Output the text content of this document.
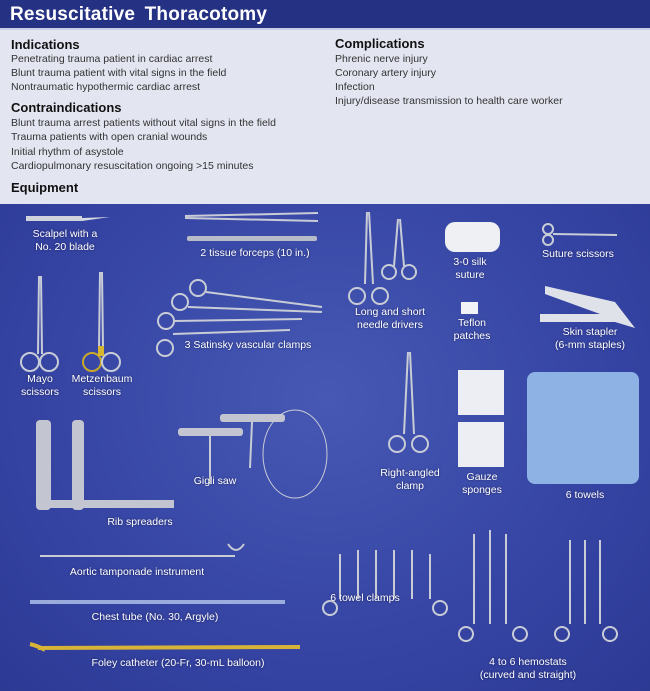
Resuscitative Thoracotomy
Indications
Penetrating trauma patient in cardiac arrest
Blunt trauma patient with vital signs in the field
Nontraumatic hypothermic cardiac arrest
Contraindications
Blunt trauma arrest patients without vital signs in the field
Trauma patients with open cranial wounds
Initial rhythm of asystole
Cardiopulmonary resuscitation ongoing >15 minutes
Equipment
Complications
Phrenic nerve injury
Coronary artery injury
Infection
Injury/disease transmission to health care worker
Scalpel with a
No. 20 blade	2 tissue forceps (10 in.)
3-0 silk
suture
Suture scissors
Long and short
needle drivers	Teflon
patches
3 Satinsky vascular clamps
Skin stapler
(6-mm staples)
Mayo
scissors
Metzenbaum
scissors
Right-angled
clamp
Gauze
sponges	6 towels
Gigli saw
Rib spreaders
Aortic tamponade instrument
Chest tube (No. 30, Argyle)
6 towel clamps
Foley catheter (20-Fr, 30-mL balloon)	4 to 6 hemostats
(curved and straight)
